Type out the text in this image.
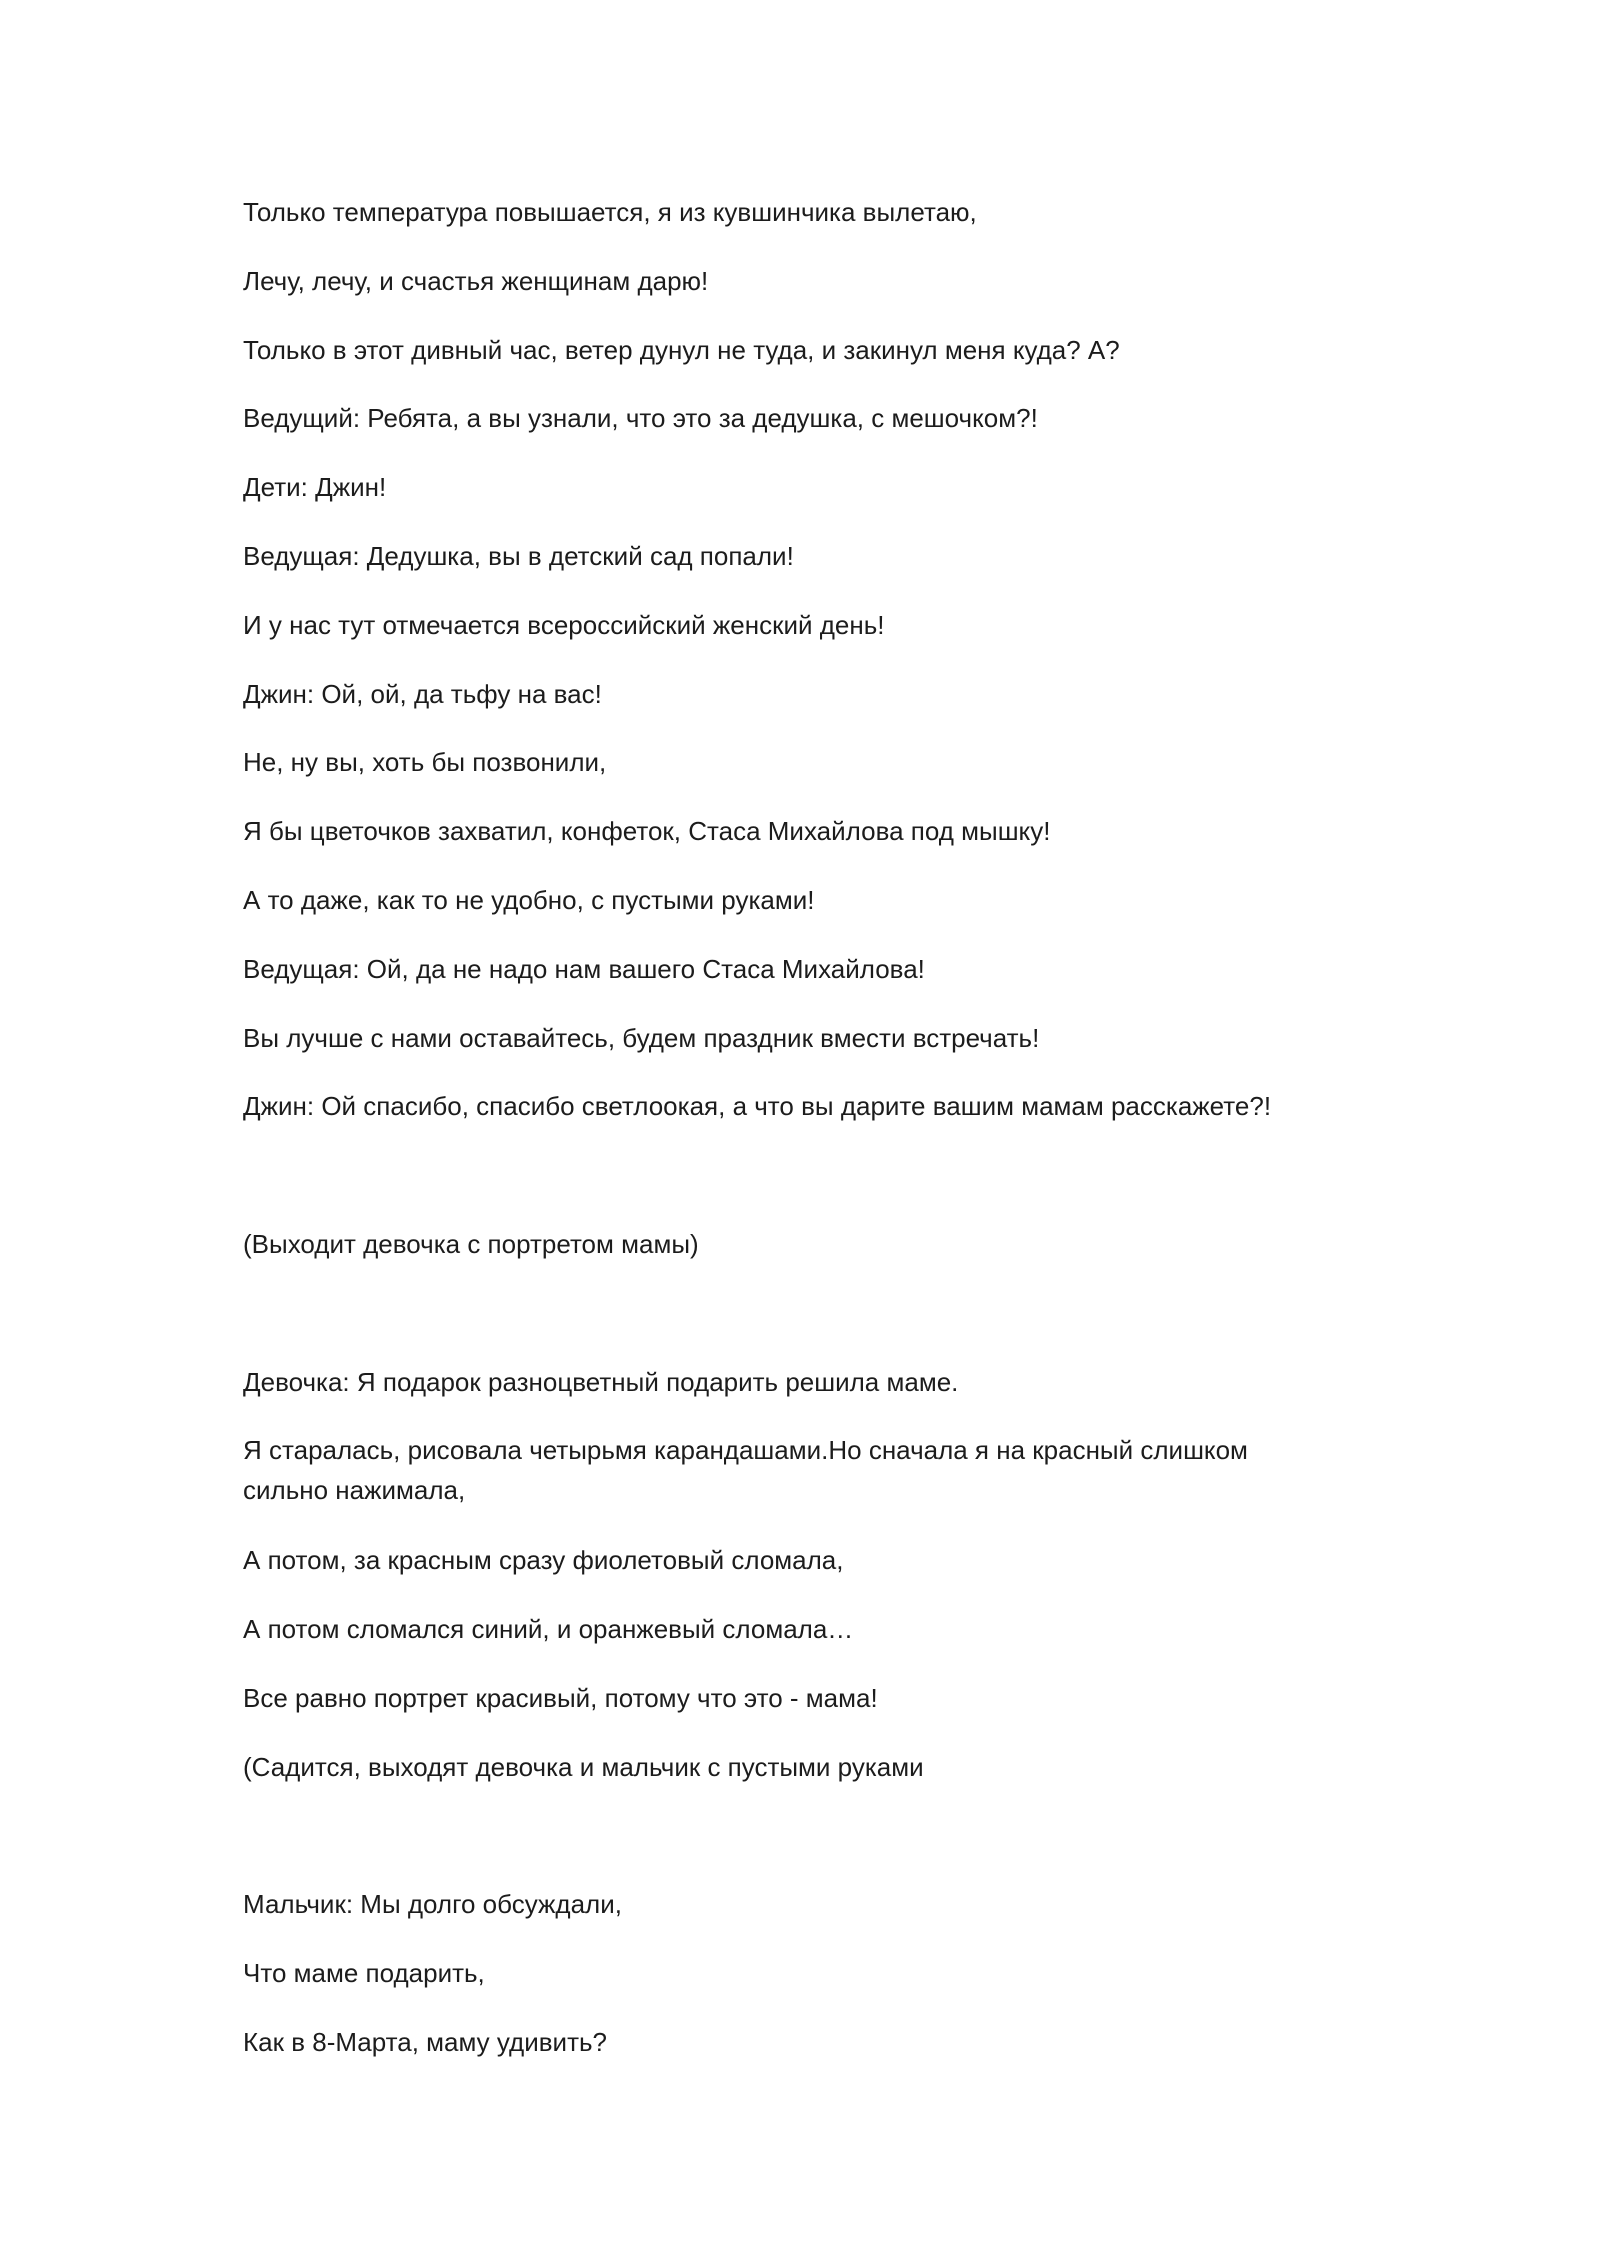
Только температура повышается, я из кувшинчика вылетаю,

Лечу, лечу, и счастья женщинам дарю!

Только в этот дивный час, ветер дунул не туда, и закинул меня куда? А?

Ведущий: Ребята, а вы узнали, что это за дедушка, с мешочком?!

Дети: Джин!

Ведущая: Дедушка, вы в детский сад попали!

И у нас тут отмечается всероссийский женский день!

Джин: Ой, ой, да тьфу на вас!

Не, ну вы, хоть бы позвонили,

Я бы цветочков захватил, конфеток, Стаса Михайлова под мышку!

А то даже, как то не удобно, с пустыми руками!

Ведущая: Ой, да не надо нам вашего Стаса Михайлова!

Вы лучше с нами оставайтесь, будем праздник вмести встречать!

Джин: Ой спасибо, спасибо светлоокая, а что вы дарите вашим мамам расскажете?!

(Выходит девочка с портретом мамы)

Девочка: Я подарок разноцветный подарить решила маме.

Я старалась, рисовала четырьмя карандашами.Но сначала я на красный слишком сильно нажимала,

А потом, за красным сразу фиолетовый сломала,

А потом сломался синий, и оранжевый сломала…

Все равно портрет красивый, потому что это - мама!

(Садится, выходят девочка и мальчик с пустыми руками

Мальчик: Мы долго обсуждали,

Что маме подарить,

Как в 8-Марта, маму удивить?
